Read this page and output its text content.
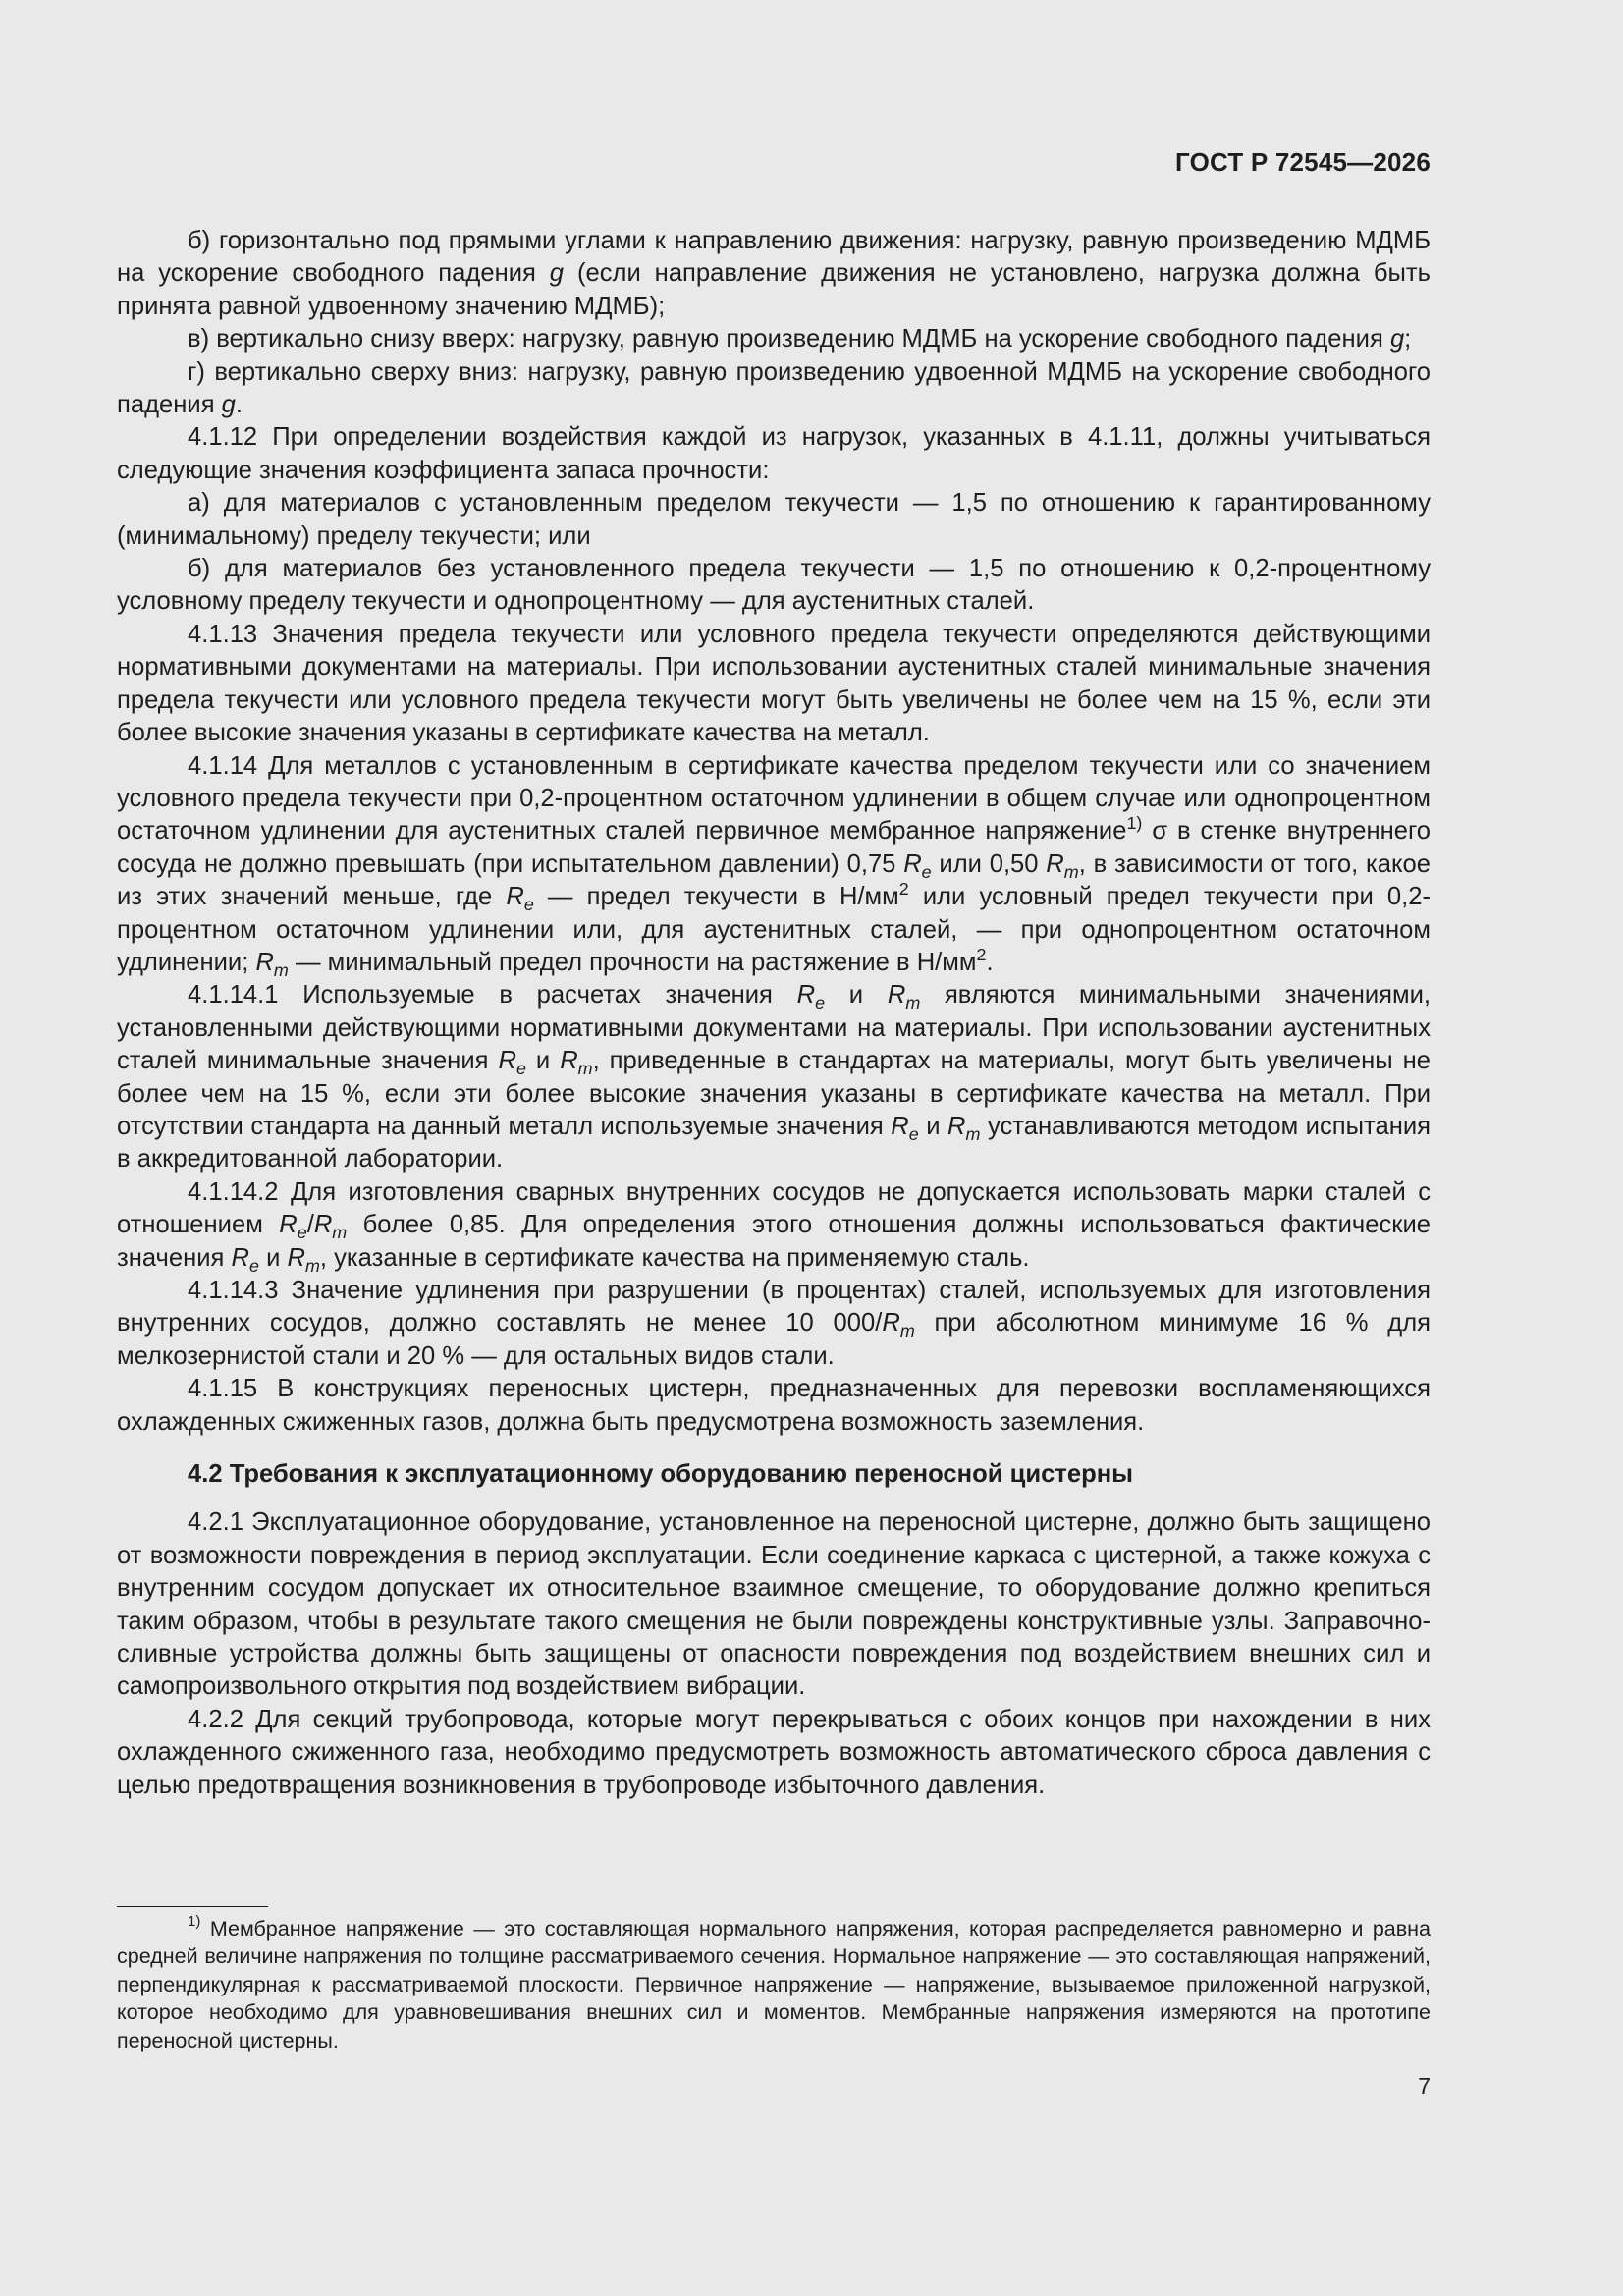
ГОСТ Р 72545—2026

б) горизонтально под прямыми углами к направлению движения: нагрузку, равную произведению МДМБ на ускорение свободного падения g (если направление движения не установлено, нагрузка должна быть принята равной удвоенному значению МДМБ);

в) вертикально снизу вверх: нагрузку, равную произведению МДМБ на ускорение свободного падения g;

г) вертикально сверху вниз: нагрузку, равную произведению удвоенной МДМБ на ускорение свободного падения g.

4.1.12 При определении воздействия каждой из нагрузок, указанных в 4.1.11, должны учитываться следующие значения коэффициента запаса прочности:

а) для материалов с установленным пределом текучести — 1,5 по отношению к гарантированному (минимальному) пределу текучести; или

б) для материалов без установленного предела текучести — 1,5 по отношению к 0,2-процентному условному пределу текучести и однопроцентному — для аустенитных сталей.

4.1.13 Значения предела текучести или условного предела текучести определяются действующими нормативными документами на материалы. При использовании аустенитных сталей минимальные значения предела текучести или условного предела текучести могут быть увеличены не более чем на 15 %, если эти более высокие значения указаны в сертификате качества на металл.

4.1.14 Для металлов с установленным в сертификате качества пределом текучести или со значением условного предела текучести при 0,2-процентном остаточном удлинении в общем случае или однопроцентном остаточном удлинении для аустенитных сталей первичное мембранное напряжение$^{1)}$ σ в стенке внутреннего сосуда не должно превышать (при испытательном давлении) 0,75 $R_e$ или 0,50 $R_m$, в зависимости от того, какое из этих значений меньше, где $R_e$ — предел текучести в $Н/мм^2$ или условный предел текучести при 0,2-процентном остаточном удлинении или, для аустенитных сталей, — при однопроцентном остаточном удлинении; $R_m$ — минимальный предел прочности на растяжение в $Н/мм^2$.

4.1.14.1 Используемые в расчетах значения $R_e$ и $R_m$ являются минимальными значениями, установленными действующими нормативными документами на материалы. При использовании аустенитных сталей минимальные значения $R_e$ и $R_m$, приведенные в стандартах на материалы, могут быть увеличены не более чем на 15 %, если эти более высокие значения указаны в сертификате качества на металл. При отсутствии стандарта на данный металл используемые значения $R_e$ и $R_m$ устанавливаются методом испытания в аккредитованной лаборатории.

4.1.14.2 Для изготовления сварных внутренних сосудов не допускается использовать марки сталей с отношением $R_e/R_m$ более 0,85. Для определения этого отношения должны использоваться фактические значения $R_e$ и $R_m$, указанные в сертификате качества на применяемую сталь.

4.1.14.3 Значение удлинения при разрушении (в процентах) сталей, используемых для изготовления внутренних сосудов, должно составлять не менее 10 $000/R_m$ при абсолютном минимуме 16 % для мелкозернистой стали и 20 % — для остальных видов стали.

4.1.15 В конструкциях переносных цистерн, предназначенных для перевозки воспламеняющихся охлажденных сжиженных газов, должна быть предусмотрена возможность заземления.

4.2 Требования к эксплуатационному оборудованию переносной цистерны

4.2.1 Эксплуатационное оборудование, установленное на переносной цистерне, должно быть защищено от возможности повреждения в период эксплуатации. Если соединение каркаса с цистерной, а также кожуха с внутренним сосудом допускает их относительное взаимное смещение, то оборудование должно крепиться таким образом, чтобы в результате такого смещения не были повреждены конструктивные узлы. Заправочно-сливные устройства должны быть защищены от опасности повреждения под воздействием внешних сил и самопроизвольного открытия под воздействием вибрации.

4.2.2 Для секций трубопровода, которые могут перекрываться с обоих концов при нахождении в них охлажденного сжиженного газа, необходимо предусмотреть возможность автоматического сброса давления с целью предотвращения возникновения в трубопроводе избыточного давления.

$^{1)}$ Мембранное напряжение — это составляющая нормального напряжения, которая распределяется равномерно и равна средней величине напряжения по толщине рассматриваемого сечения. Нормальное напряжение — это составляющая напряжений, перпендикулярная к рассматриваемой плоскости. Первичное напряжение — напряжение, вызываемое приложенной нагрузкой, которое необходимо для уравновешивания внешних сил и моментов. Мембранные напряжения измеряются на прототипе переносной цистерны.

7
